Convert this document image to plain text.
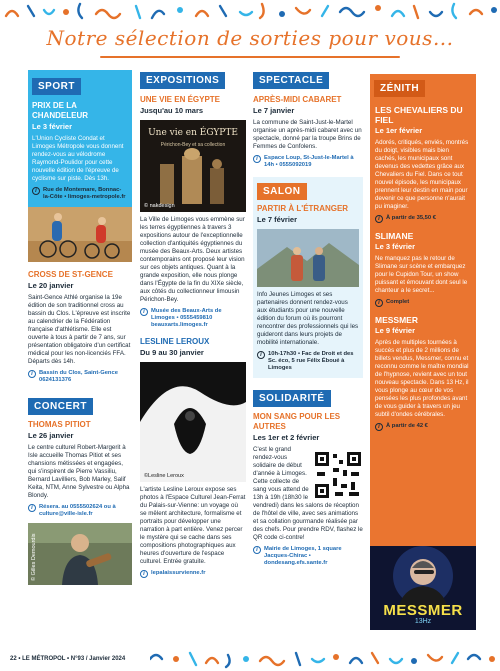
Notre sélection de sorties pour vous...
SPORT
PRIX DE LA CHANDELEUR
Le 3 février
L'Union Cycliste Condat et Limoges Métropole vous donnent rendez-vous au vélodrome Raymond-Poulidor pour cette nouvelle édition de l'épreuve de cyclisme sur piste. Dès 13h.
i	Rue de Montemare, Bonnac-la-Côte • limoges-metropole.fr
CROSS DE ST-GENCE
Le 20 janvier
Saint-Gence Athlé organise la 19e édition de son traditionnel cross au bassin du Clos. L'épreuve est inscrite au calendrier de la Fédération française d'athlétisme. Elle est ouverte à tous à partir de 7 ans, sur présentation obligatoire d'un certificat médical pour les non-licenciés FFA. Départs dès 14h.
i	Bassin du Clos, Saint-Gence 0624131376
CONCERT
THOMAS PITIOT
Le 26 janvier
Le centre culturel Robert-Margerit à Isle accueille Thomas Pitiot et ses chansions métissées et engagées, qui s'inspirent de Pierre Vassiliu, Bernard Lavilliers, Bob Marley, Salif Keita, NTM, Anne Sylvestre ou Alpha Blondy.
i	Résera. au 0555502624 ou à culture@ville-isle.fr
© Gilles Demourdis
EXPOSITIONS
UNE VIE EN ÉGYPTE
Jusqu'au 10 mars
Une vie en ÉGYPTE
Périchon-Bey et sa collection
© nakdesign
La Ville de Limoges vous emmène sur les terres égyptiennes à travers 3 expositions autour de l'exceptionnelle collection d'antiquités égyptiennes du musée des Beaux-Arts. Deux artistes contemporains ont proposé leur vision sur ces objets antiques. Quant à la grande exposition, elle nous plonge dans l'Égypte de la fin du XIXe siècle, aux côtés du collectionneur limousin Périchon-Bey.
i	Musée des Beaux-Arts de Limoges • 0555459810 beauxarts.limoges.fr
LESLINE LEROUX
Du 9 au 30 janvier
©Lesline Leroux
L'artiste Lesline Leroux expose ses photos à l'Espace Culturel Jean-Ferrat du Palais-sur-Vienne: un voyage où se mêlent architecture, formalisme et portraits pour développer une narration à part entière. Venez percer le mystère qui se cache dans ses compositions photographiques aux heures d'ouverture de l'espace culturel. Entrée gratuite.
i	lepalaissurvienne.fr
SPECTACLE
APRÈS-MIDI CABARET
Le 7 janvier
La commune de Saint-Just-le-Martel organise un après-midi cabaret avec un spectacle, donné par la troupe Brins de Femmes de Confolens.
i	Espace Loup, St-Just-le-Martel à 14h • 0555092019
SALON
PARTIR À L'ÉTRANGER
Le 7 février
Info Jeunes Limoges et ses partenaires donnent rendez-vous aux étudiants pour une nouvelle édition du forum où ils pourront rencontrer des professionnels qui les guideront dans leurs projets de mobilité internationale.
i	10h-17h30 • Fac de Droit et des Sc. éco, 5 rue Félix Éboué à Limoges
SOLIDARITÉ
MON SANG POUR LES AUTRES
Les 1er et 2 février
C'est le grand rendez-vous solidaire de début d'année à Limoges. Cette collecte de sang vous attend de 13h à 19h (18h30 le vendredi) dans les salons de réception de l'hôtel de ville, avec ses animations et sa collation gourmande réalisée par des chefs. Pour prendre RDV, flashez le QR code ci-contre!
i	Mairie de Limoges, 1 square Jacques-Chirac • dondesang.efs.sante.fr
ZÉNITH
LES CHEVALIERS DU FIEL
Le 1er février
Adorés, critiqués, enviés, montrés du doigt, visibles mais bien cachés, les municipaux sont devenus des vedettes grâce aux Chevaliers du Fiel. Dans ce tout nouvel épisode, les municipaux prennent leur destin en main pour devenir ce que personne n'aurait pu imaginer.
i	À partir de 35,50 €
SLIMANE
Le 3 février
Ne manquez pas le retour de Slimane sur scène et embarquez pour le Cupidon Tour, un show puissant et émouvant dont seul le chanteur a le secret...
i	Complet
MESSMER
Le 9 février
Après de multiples tournées à succès et plus de 2 millions de billets vendus, Messmer, connu et reconnu comme le maître mondial de l'hypnose, revient avec un tout nouveau spectacle. Dans 13 Hz, il vous plonge au cœur de vos pensées les plus profondes avant de vous guider à travers un jeu subtil d'ondes cérébrales.
i	À partir de 42 €
MESSMER
13Hz
22 • LE MÉTROPOL • N°93 / Janvier 2024
